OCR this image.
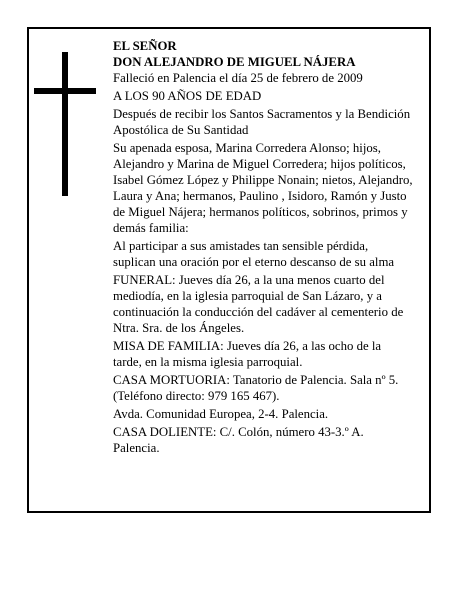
EL SEÑOR

DON ALEJANDRO DE MIGUEL NÁJERA

Falleció en Palencia el día 25 de febrero de 2009

A LOS 90 AÑOS DE EDAD

Después de recibir los Santos Sacramentos y la Bendición Apostólica de Su Santidad

Su apenada esposa, Marina Corredera Alonso; hijos, Alejandro y Marina de Miguel Corredera; hijos políticos, Isabel Gómez López y Philippe Nonain; nietos, Alejandro, Laura y Ana; hermanos, Paulino , Isidoro, Ramón y Justo de Miguel Nájera; hermanos políticos, sobrinos, primos y demás familia:

Al participar a sus amistades tan sensible pérdida, suplican una oración por el eterno descanso de su alma

FUNERAL: Jueves día 26, a la una menos cuarto del mediodía, en la iglesia parroquial de San Lázaro, y a continuación la conducción del cadáver al cementerio de Ntra. Sra. de los Ángeles.

MISA DE FAMILIA: Jueves día 26, a las ocho de la tarde, en la misma iglesia parroquial.

CASA MORTUORIA: Tanatorio de Palencia. Sala nº 5. (Teléfono directo: 979 165 467).

Avda. Comunidad Europea, 2-4. Palencia.

CASA DOLIENTE: C/. Colón, número 43-3.º A. Palencia.
